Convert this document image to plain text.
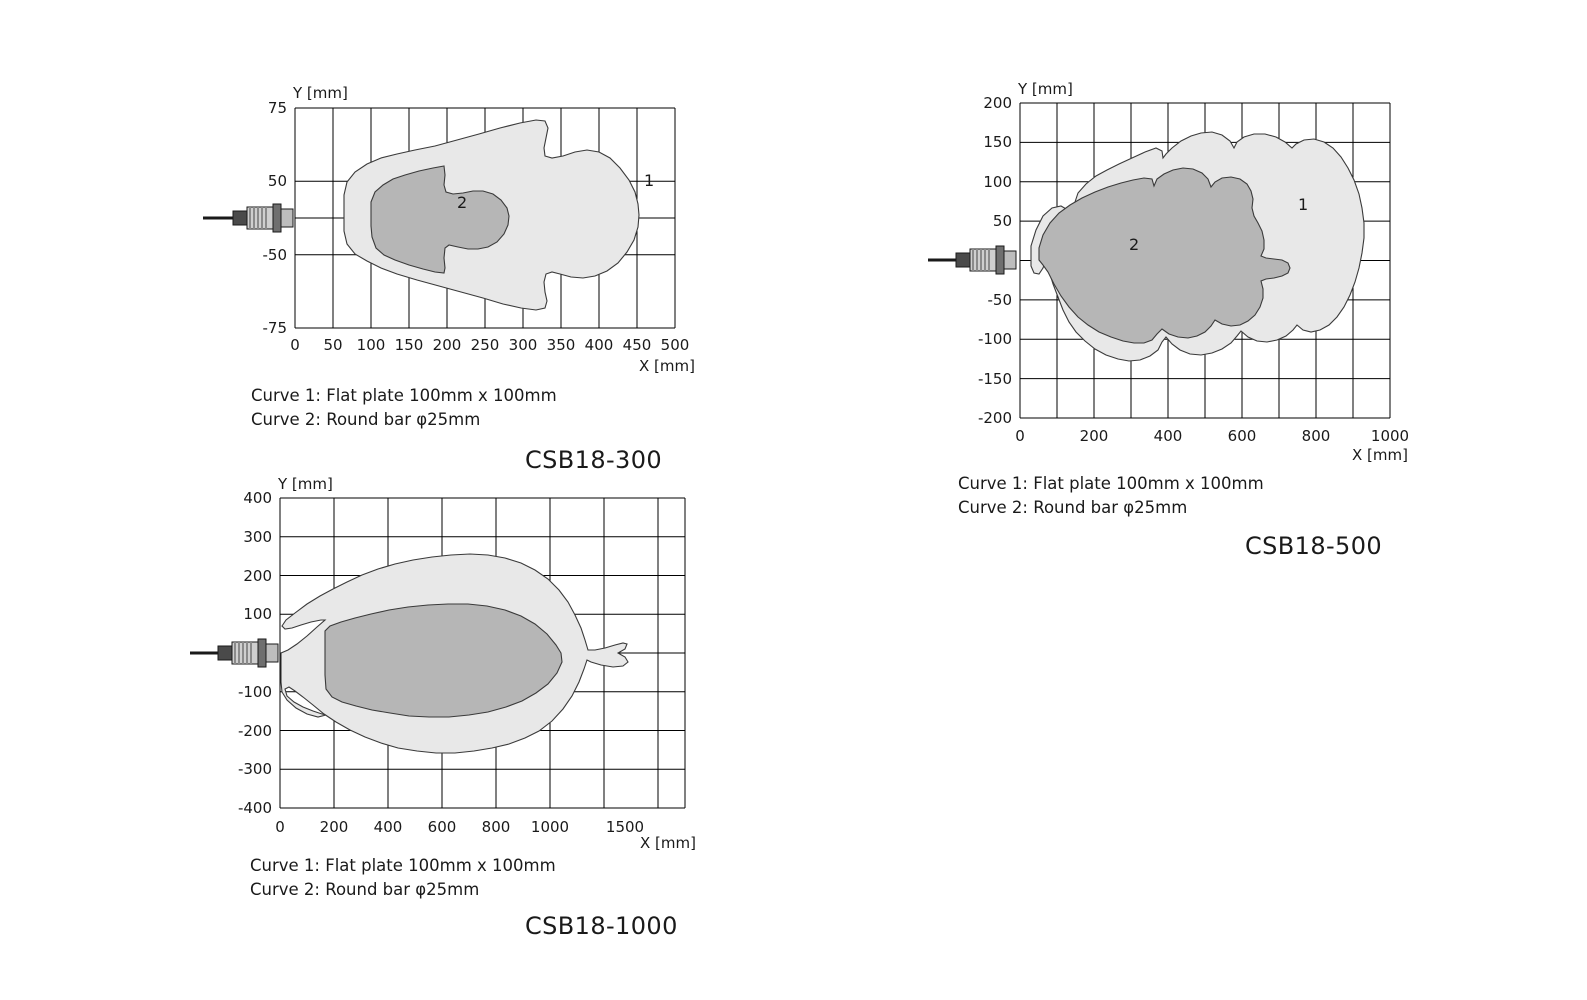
1
2
Y [mm]
X [mm]
75
50
-50
-75
0 50 100 150 200 250 300 350 400 450 500
Curve 1: Flat plate 100mm x 100mm
Curve 2: Round bar φ25mm
CSB18-300
1
2
Y [mm]
X [mm]
200
150
100
50
-50
-100
-150
-200
0	200	400	600	800	1000
Curve 1: Flat plate 100mm x 100mm
Curve 2: Round bar φ25mm
CSB18-500
Y [mm]
X [mm]
400
300
200
100
-100
-200
-300
-400
0 200 400 600 800 1000 1500
Curve 1: Flat plate 100mm x 100mm
Curve 2: Round bar φ25mm
CSB18-1000
